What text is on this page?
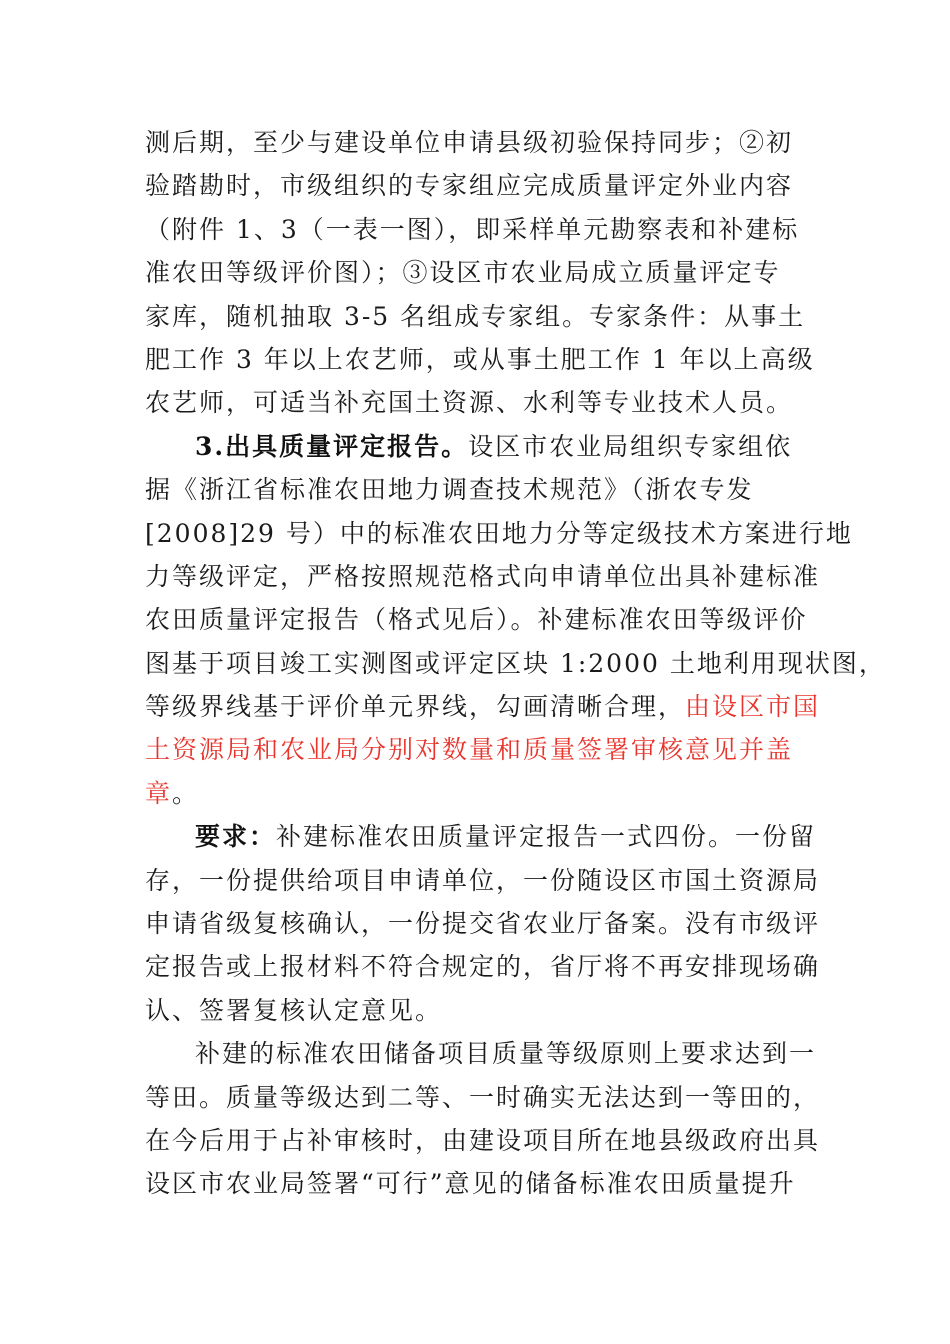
测后期，至少与建设单位申请县级初验保持同步；②初
验踏勘时，市级组织的专家组应完成质量评定外业内容
（附件 1、3（一表一图），即采样单元勘察表和补建标
准农田等级评价图）；③设区市农业局成立质量评定专
家库，随机抽取 3-5 名组成专家组。专家条件：从事土
肥工作 3 年以上农艺师，或从事土肥工作 1 年以上高级
农艺师，可适当补充国土资源、水利等专业技术人员。
3.出具质量评定报告。设区市农业局组织专家组依
据《浙江省标准农田地力调查技术规范》（浙农专发
[2008]29 号）中的标准农田地力分等定级技术方案进行地
力等级评定，严格按照规范格式向申请单位出具补建标准
农田质量评定报告（格式见后）。补建标准农田等级评价
图基于项目竣工实测图或评定区块 1:2000 土地利用现状图，
等级界线基于评价单元界线，勾画清晰合理，由设区市国
土资源局和农业局分别对数量和质量签署审核意见并盖
章。
要求：补建标准农田质量评定报告一式四份。一份留
存，一份提供给项目申请单位，一份随设区市国土资源局
申请省级复核确认，一份提交省农业厅备案。没有市级评
定报告或上报材料不符合规定的，省厅将不再安排现场确
认、签署复核认定意见。
补建的标准农田储备项目质量等级原则上要求达到一
等田。质量等级达到二等、一时确实无法达到一等田的，
在今后用于占补审核时，由建设项目所在地县级政府出具
设区市农业局签署“可行”意见的储备标准农田质量提升
